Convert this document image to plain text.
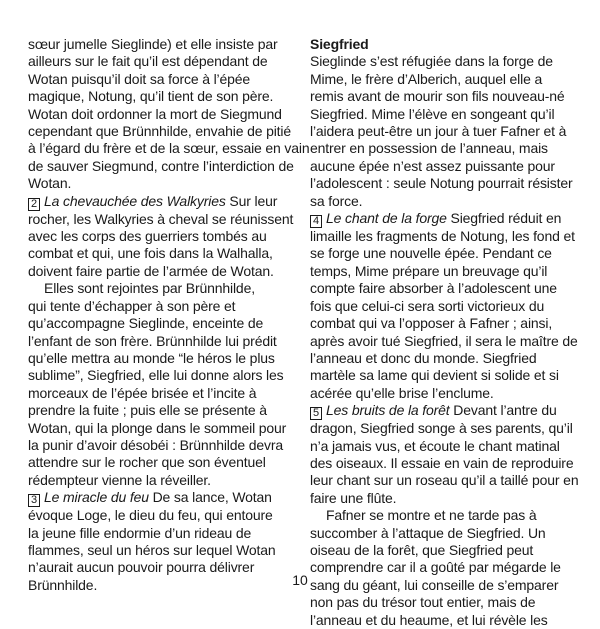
sœur jumelle Sieglinde) et elle insiste par
ailleurs sur le fait qu’il est dépendant de
Wotan puisqu’il doit sa force à l’épée
magique, Notung, qu’il tient de son père.
Wotan doit ordonner la mort de Siegmund
cependant que Brünnhilde, envahie de pitié
à l’égard du frère et de la sœur, essaie en vain
de sauver Siegmund, contre l’interdiction de
Wotan.
2 La chevauchée des Walkyries Sur leur
rocher, les Walkyries à cheval se réunissent
avec les corps des guerriers tombés au
combat et qui, une fois dans la Walhalla,
doivent faire partie de l’armée de Wotan.
Elles sont rejointes par Brünnhilde,
qui tente d’échapper à son père et
qu’accompagne Sieglinde, enceinte de
l’enfant de son frère. Brünnhilde lui prédit
qu’elle mettra au monde “le héros le plus
sublime”, Siegfried, elle lui donne alors les
morceaux de l’épée brisée et l’incite à
prendre la fuite ; puis elle se présente à
Wotan, qui la plonge dans le sommeil pour
la punir d’avoir désobéi : Brünnhilde devra
attendre sur le rocher que son éventuel
rédempteur vienne la réveiller.
3 Le miracle du feu De sa lance, Wotan
évoque Loge, le dieu du feu, qui entoure
la jeune fille endormie d’un rideau de
flammes, seul un héros sur lequel Wotan
n’aurait aucun pouvoir pourra délivrer
Brünnhilde.
Siegfried
Sieglinde s’est réfugiée dans la forge de
Mime, le frère d’Alberich, auquel elle a
remis avant de mourir son fils nouveau-né
Siegfried. Mime l’élève en songeant qu’il
l’aidera peut-être un jour à tuer Fafner et à
entrer en possession de l’anneau, mais
aucune épée n’est assez puissante pour
l’adolescent : seule Notung pourrait résister
sa force.
4 Le chant de la forge Siegfried réduit en
limaille les fragments de Notung, les fond et
se forge une nouvelle épée. Pendant ce
temps, Mime prépare un breuvage qu’il
compte faire absorber à l’adolescent une
fois que celui-ci sera sorti victorieux du
combat qui va l’opposer à Fafner ; ainsi,
après avoir tué Siegfried, il sera le maître de
l’anneau et donc du monde. Siegfried
martèle sa lame qui devient si solide et si
acérée qu’elle brise l’enclume.
5 Les bruits de la forêt Devant l’antre du
dragon, Siegfried songe à ses parents, qu’il
n’a jamais vus, et écoute le chant matinal
des oiseaux. Il essaie en vain de reproduire
leur chant sur un roseau qu’il a taillé pour en
faire une flûte.
Fafner se montre et ne tarde pas à
succomber à l’attaque de Siegfried. Un
oiseau de la forêt, que Siegfried peut
comprendre car il a goûté par mégarde le
sang du géant, lui conseille de s’emparer
non pas du trésor tout entier, mais de
l’anneau et du heaume, et lui révèle les
10
